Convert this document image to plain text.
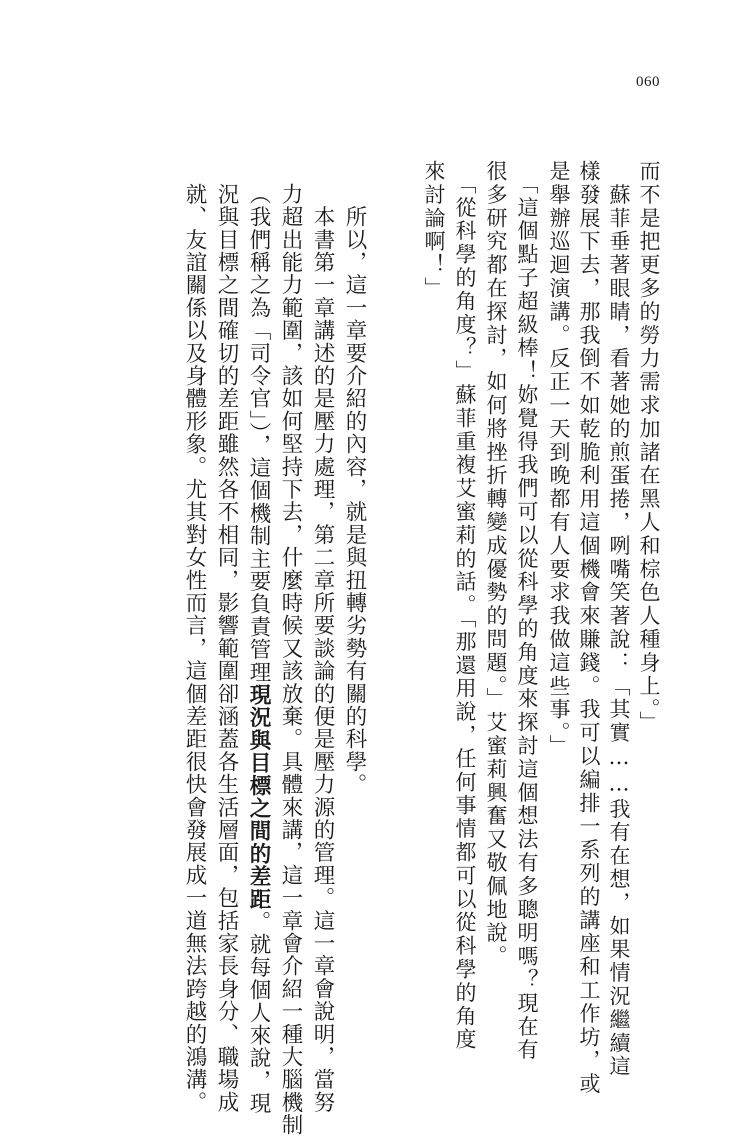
060
而不是把更多的勞力需求加諸在黑人和棕色人種身上。」
　蘇菲垂著眼睛，看著她的煎蛋捲，咧嘴笑著說：「其實……我有在想，如果情況繼續這
樣發展下去，那我倒不如乾脆利用這個機會來賺錢。我可以編排一系列的講座和工作坊，或
是舉辦巡迴演講。反正一天到晚都有人要求我做這些事。」
　「這個點子超級棒！妳覺得我們可以從科學的角度來探討這個想法有多聰明嗎？現在有
很多研究都在探討，如何將挫折轉變成優勢的問題。」艾蜜莉興奮又敬佩地說。
　「從科學的角度？」蘇菲重複艾蜜莉的話。「那還用說，任何事情都可以從科學的角度
來討論啊！」
　所以，這一章要介紹的內容，就是與扭轉劣勢有關的科學。
　本書第一章講述的是壓力處理，第二章所要談論的便是壓力源的管理。這一章會說明，當努
力超出能力範圍，該如何堅持下去，什麼時候又該放棄。具體來講，這一章會介紹一種大腦機制
（我們稱之為「司令官」），這個機制主要負責管理現況與目標之間的差距。就每個人來說，現
況與目標之間確切的差距雖然各不相同，影響範圍卻涵蓋各生活層面，包括家長身分、職場成
就、友誼關係以及身體形象。尤其對女性而言，這個差距很快會發展成一道無法跨越的鴻溝。
